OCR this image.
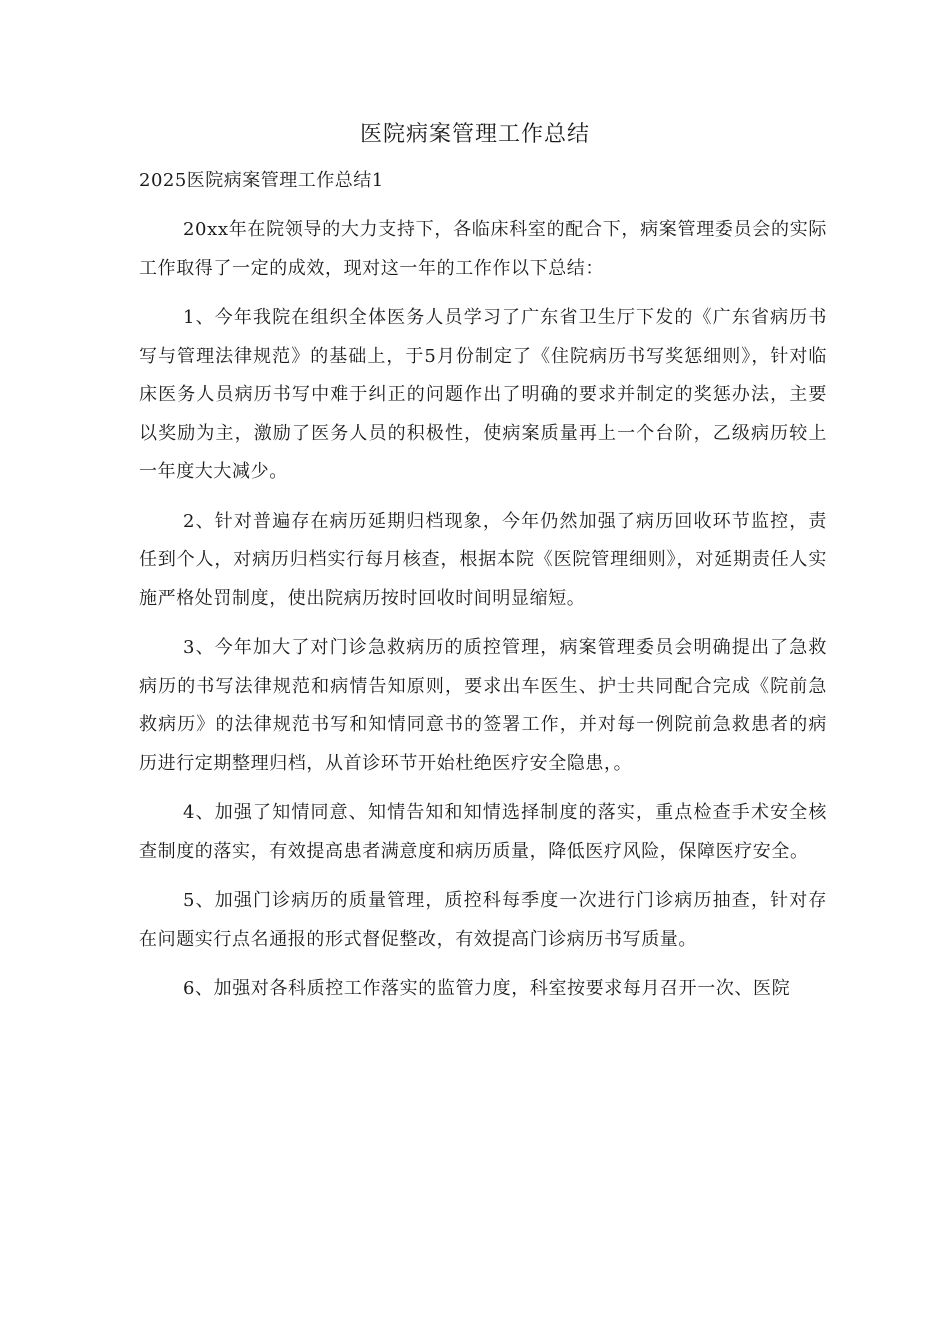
医院病案管理工作总结
2025医院病案管理工作总结1

20xx年在院领导的大力支持下，各临床科室的配合下，病案管理委员会的实际工作取得了一定的成效，现对这一年的工作作以下总结：

1、今年我院在组织全体医务人员学习了广东省卫生厅下发的《广东省病历书写与管理法律规范》的基础上，于5月份制定了《住院病历书写奖惩细则》，针对临床医务人员病历书写中难于纠正的问题作出了明确的要求并制定的奖惩办法，主要以奖励为主，激励了医务人员的积极性，使病案质量再上一个台阶，乙级病历较上一年度大大减少。

2、针对普遍存在病历延期归档现象，今年仍然加强了病历回收环节监控，责任到个人，对病历归档实行每月核查，根据本院《医院管理细则》，对延期责任人实施严格处罚制度，使出院病历按时回收时间明显缩短。

3、今年加大了对门诊急救病历的质控管理，病案管理委员会明确提出了急救病历的书写法律规范和病情告知原则，要求出车医生、护士共同配合完成《院前急救病历》的法律规范书写和知情同意书的签署工作，并对每一例院前急救患者的病历进行定期整理归档，从首诊环节开始杜绝医疗安全隐患，。

4、加强了知情同意、知情告知和知情选择制度的落实，重点检查手术安全核查制度的落实，有效提高患者满意度和病历质量，降低医疗风险，保障医疗安全。

5、加强门诊病历的质量管理，质控科每季度一次进行门诊病历抽查，针对存在问题实行点名通报的形式督促整改，有效提高门诊病历书写质量。

6、加强对各科质控工作落实的监管力度，科室按要求每月召开一次、医院
